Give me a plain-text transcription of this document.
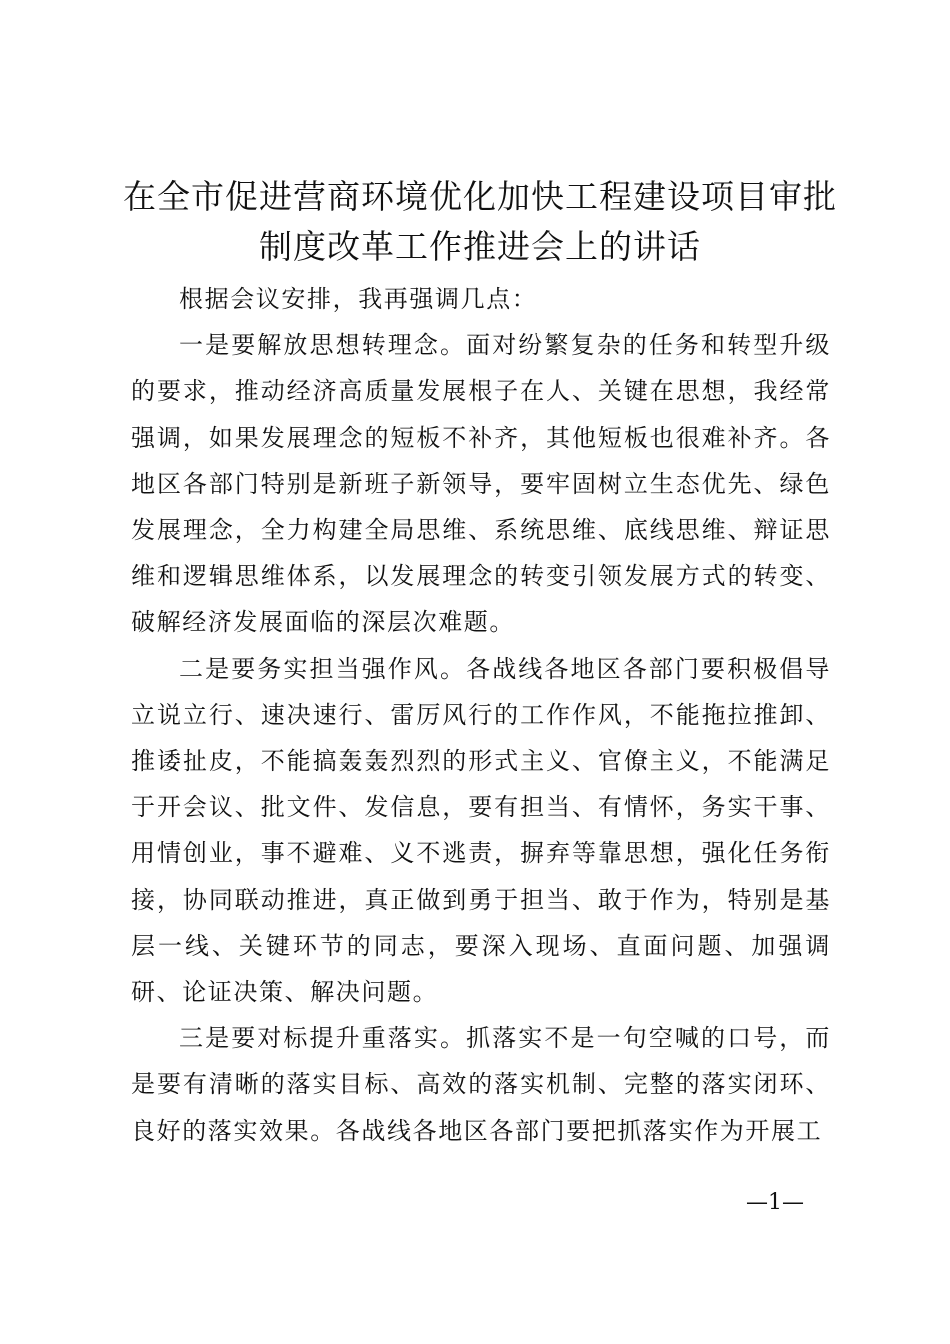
在全市促进营商环境优化加快工程建设项目审批制度改革工作推进会上的讲话

根据会议安排，我再强调几点：

一是要解放思想转理念。面对纷繁复杂的任务和转型升级的要求，推动经济高质量发展根子在人、关键在思想，我经常强调，如果发展理念的短板不补齐，其他短板也很难补齐。各地区各部门特别是新班子新领导，要牢固树立生态优先、绿色发展理念，全力构建全局思维、系统思维、底线思维、辩证思维和逻辑思维体系，以发展理念的转变引领发展方式的转变、破解经济发展面临的深层次难题。

二是要务实担当强作风。各战线各地区各部门要积极倡导立说立行、速决速行、雷厉风行的工作作风，不能拖拉推卸、推诿扯皮，不能搞轰轰烈烈的形式主义、官僚主义，不能满足于开会议、批文件、发信息，要有担当、有情怀，务实干事、用情创业，事不避难、义不逃责，摒弃等靠思想，强化任务衔接，协同联动推进，真正做到勇于担当、敢于作为，特别是基层一线、关键环节的同志，要深入现场、直面问题、加强调研、论证决策、解决问题。

三是要对标提升重落实。抓落实不是一句空喊的口号，而是要有清晰的落实目标、高效的落实机制、完整的落实闭环、良好的落实效果。各战线各地区各部门要把抓落实作为开展工

—1—
